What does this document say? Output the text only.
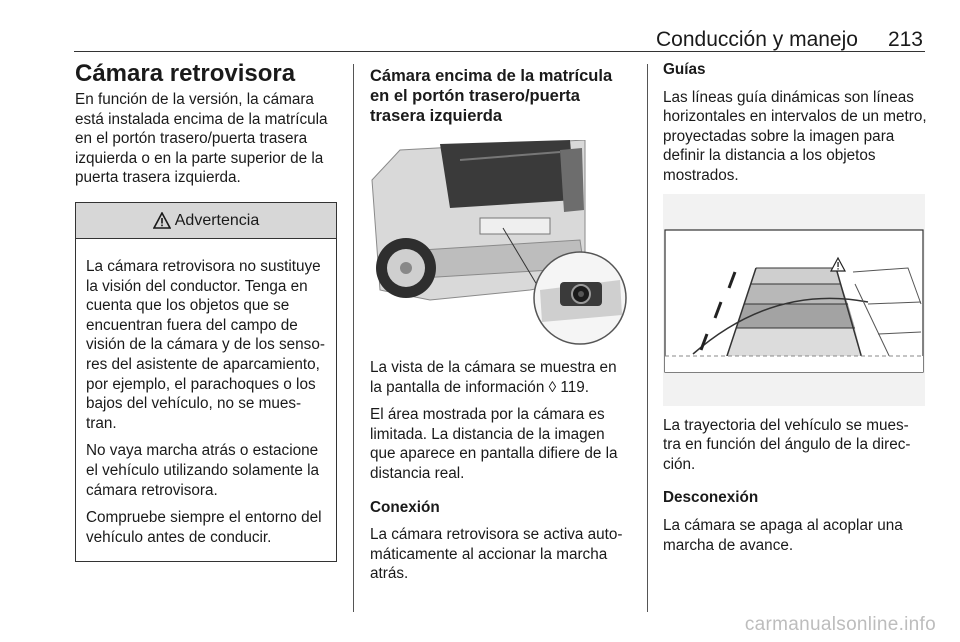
Conducción y manejo 213
Cámara retrovisora

En función de la versión, la cámara está instalada encima de la matrícula en el portón trasero/puerta trasera izquierda o en la parte superior de la puerta trasera izquierda.

Advertencia

La cámara retrovisora no sustituye la visión del conductor. Tenga en cuenta que los objetos que se encuentran fuera del campo de visión de la cámara y de los senso- res del asistente de aparcamiento, por ejemplo, el parachoques o los bajos del vehículo, no se mues- tran.

No vaya marcha atrás o estacione el vehículo utilizando solamente la cámara retrovisora.

Compruebe siempre el entorno del vehículo antes de conducir.

Cámara encima de la matrícula en el portón trasero/puerta trasera izquierda

La vista de la cámara se muestra en la pantalla de información ◊ 119.

El área mostrada por la cámara es limitada. La distancia de la imagen que aparece en pantalla difiere de la distancia real.

Conexión

La cámara retrovisora se activa auto- máticamente al accionar la marcha atrás.

Guías

Las líneas guía dinámicas son líneas horizontales en intervalos de un metro, proyectadas sobre la imagen para definir la distancia a los objetos mostrados.

La trayectoria del vehículo se mues- tra en función del ángulo de la direc- ción.

Desconexión

La cámara se apaga al acoplar una marcha de avance.

carmanualsonline.info
